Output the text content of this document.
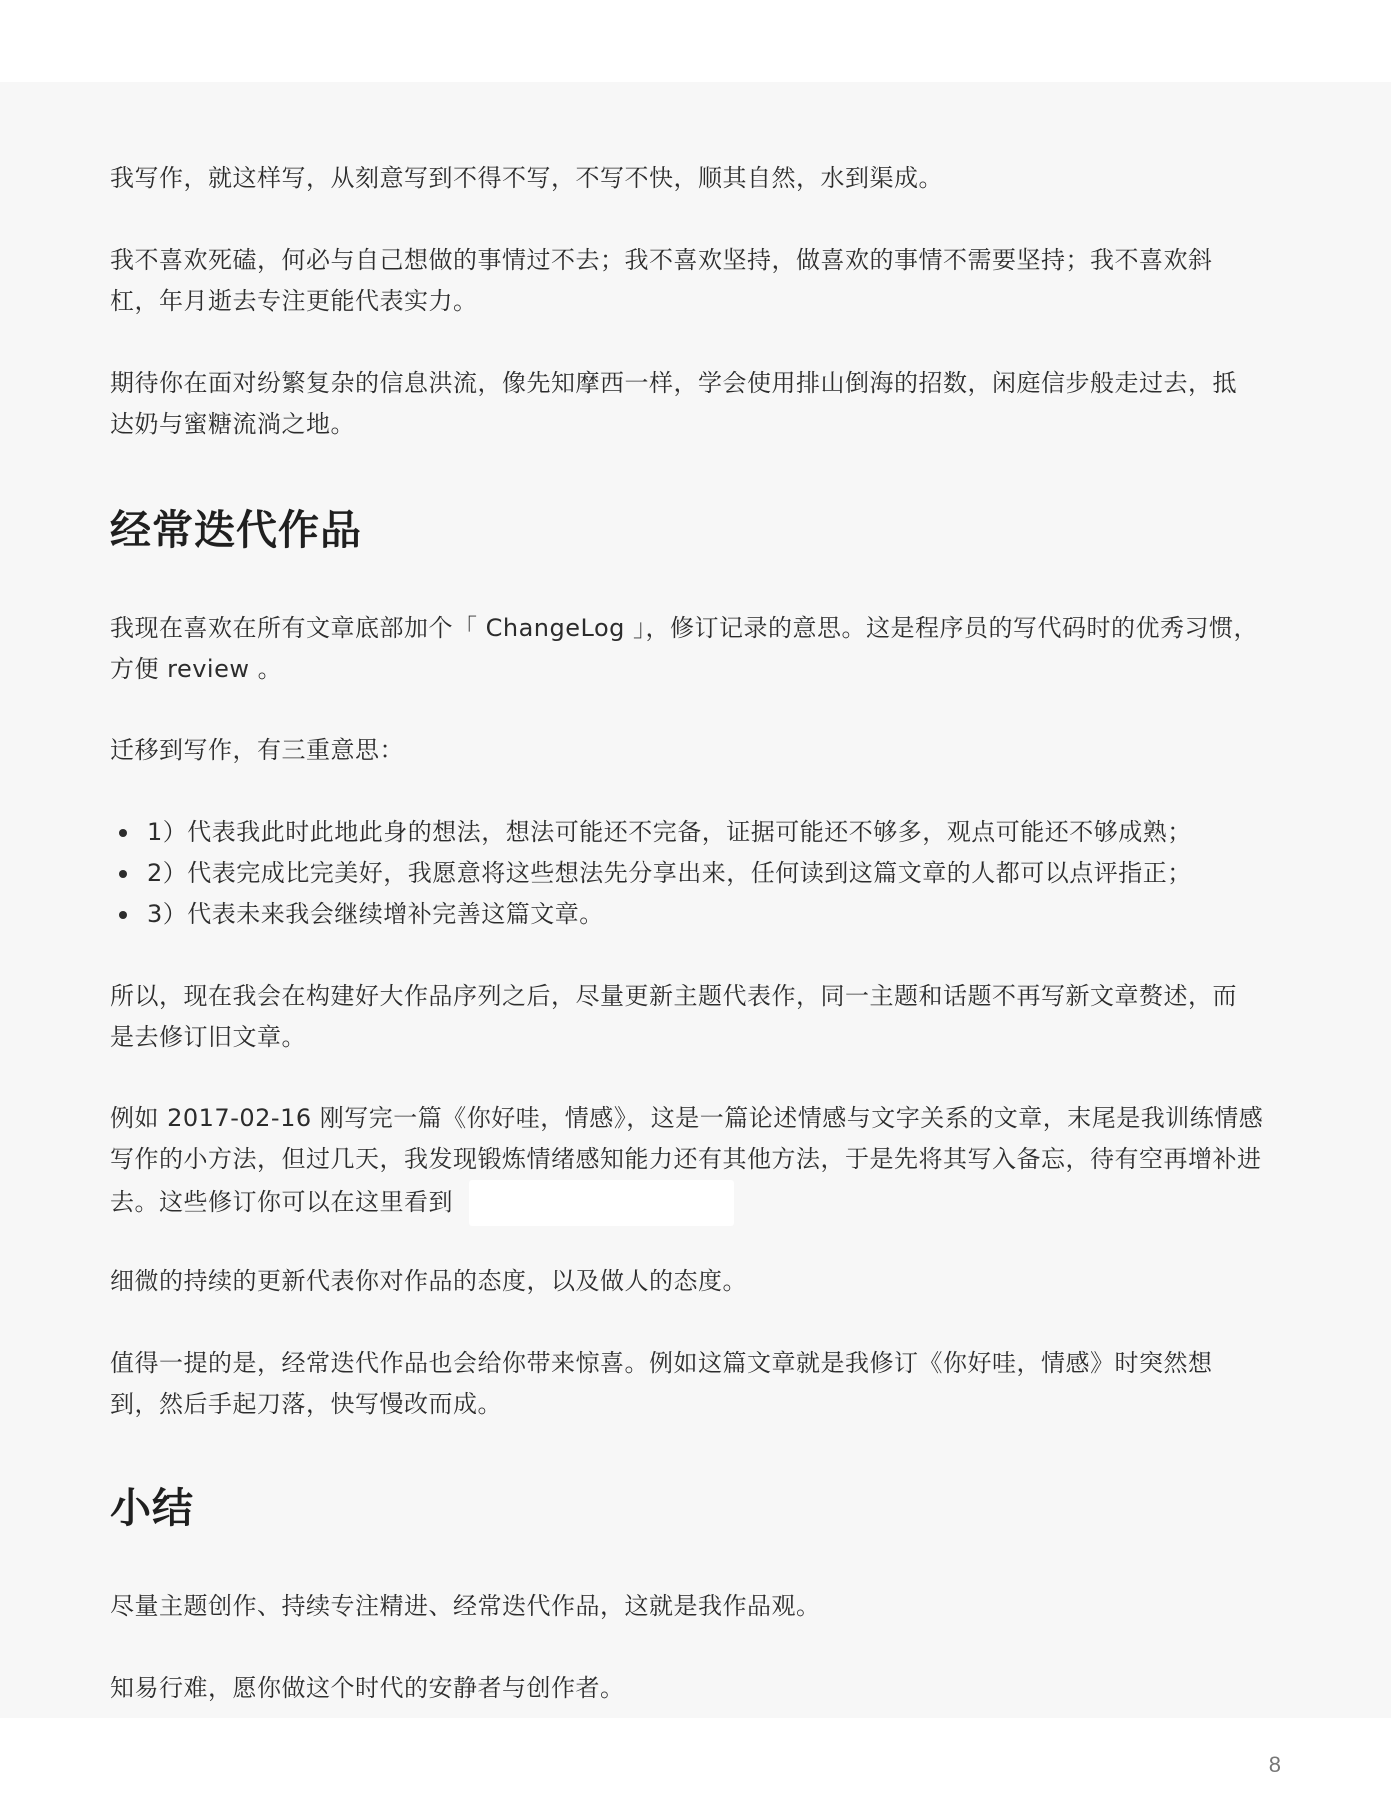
我写作，就这样写，从刻意写到不得不写，不写不快，顺其自然，水到渠成。

我不喜欢死磕，何必与自己想做的事情过不去；我不喜欢坚持，做喜欢的事情不需要坚持；我不喜欢斜杠，年月逝去专注更能代表实力。

期待你在面对纷繁复杂的信息洪流，像先知摩西一样，学会使用排山倒海的招数，闲庭信步般走过去，抵达奶与蜜糖流淌之地。

经常迭代作品

我现在喜欢在所有文章底部加个「 ChangeLog 」，修订记录的意思。这是程序员的写代码时的优秀习惯，方便 review 。

迁移到写作，有三重意思：

1）代表我此时此地此身的想法，想法可能还不完备，证据可能还不够多，观点可能还不够成熟；
2）代表完成比完美好，我愿意将这些想法先分享出来，任何读到这篇文章的人都可以点评指正；
3）代表未来我会继续增补完善这篇文章。

所以，现在我会在构建好大作品序列之后，尽量更新主题代表作，同一主题和话题不再写新文章赘述，而是去修订旧文章。

例如 2017-02-16 刚写完一篇《你好哇，情感》，这是一篇论述情感与文字关系的文章，末尾是我训练情感写作的小方法，但过几天，我发现锻炼情绪感知能力还有其他方法，于是先将其写入备忘，待有空再增补进去。这些修订你可以在这里看到

细微的持续的更新代表你对作品的态度，以及做人的态度。

值得一提的是，经常迭代作品也会给你带来惊喜。例如这篇文章就是我修订《你好哇，情感》时突然想到，然后手起刀落，快写慢改而成。

小结

尽量主题创作、持续专注精进、经常迭代作品，这就是我作品观。

知易行难，愿你做这个时代的安静者与创作者。

8
